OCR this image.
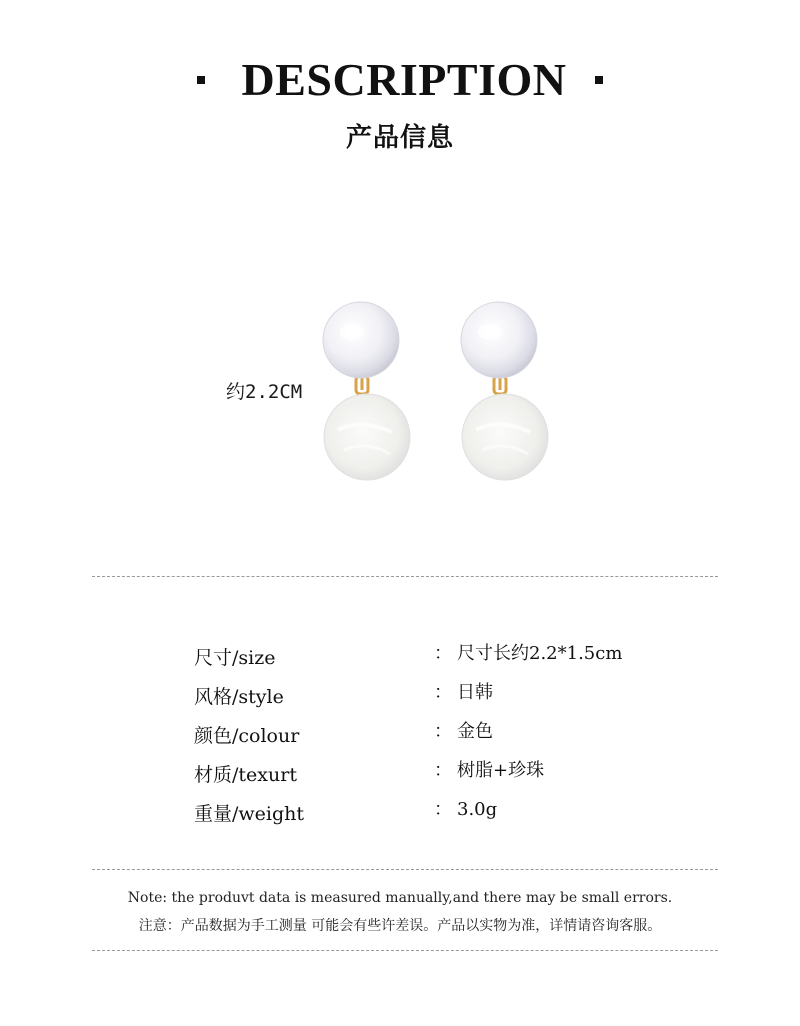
DESCRIPTION
产品信息
约2.2CM
尺寸/size	： 尺寸长约2.2*1.5cm
风格/style	： 日韩
颜色/colour	： 金色
材质/texurt	： 树脂+珍珠
重量/weight	： 3.0g
Note: the produvt data is measured manually,and there may be small errors.
注意：产品数据为手工测量 可能会有些许差误。产品以实物为准，详情请咨询客服。
